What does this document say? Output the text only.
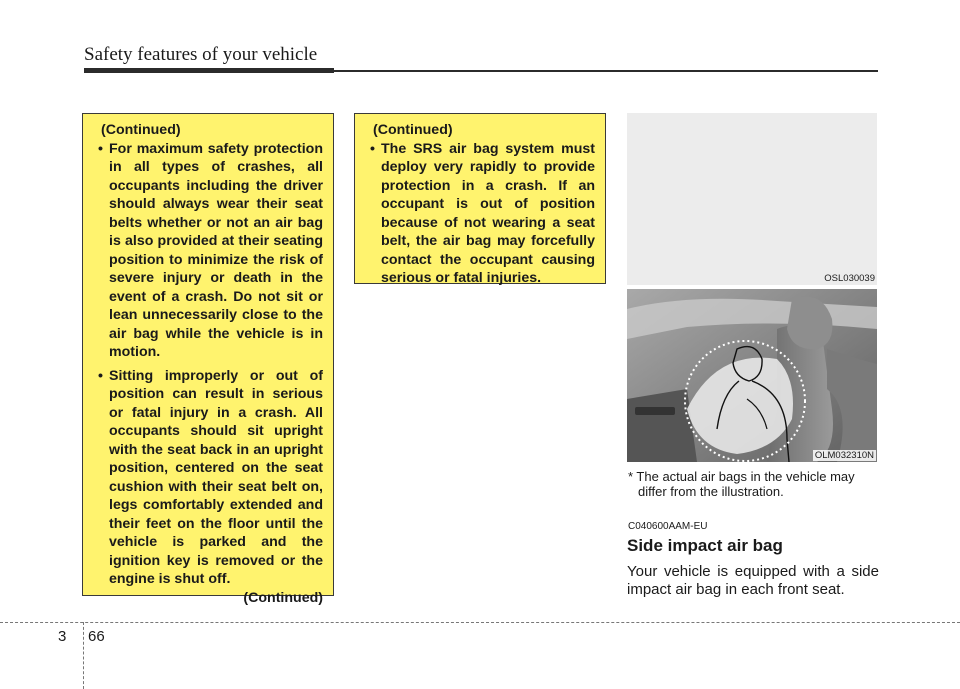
Safety features of your vehicle
(Continued)
• For maximum safety protection in all types of crashes, all occupants including the driver should always wear their seat belts whether or not an air bag is also provided at their seating position to minimize the risk of severe injury or death in the event of a crash. Do not sit or lean unnecessarily close to the air bag while the vehicle is in motion.
• Sitting improperly or out of position can result in serious or fatal injury in a crash. All occupants should sit upright with the seat back in an upright position, centered on the seat cushion with their seat belt on, legs comfortably extended and their feet on the floor until the vehicle is parked and the ignition key is removed or the engine is shut off.
(Continued)
(Continued)
• The SRS air bag system must deploy very rapidly to provide protection in a crash. If an occupant is out of position because of not wearing a seat belt, the air bag may forcefully contact the occupant causing serious or fatal injuries.	OSL030039
OLM032310N
* The actual air bags in the vehicle may
differ from the illustration.
C040600AAM-EU
Side impact air bag
Your vehicle is equipped with a side impact air bag in each front seat.
3 66
